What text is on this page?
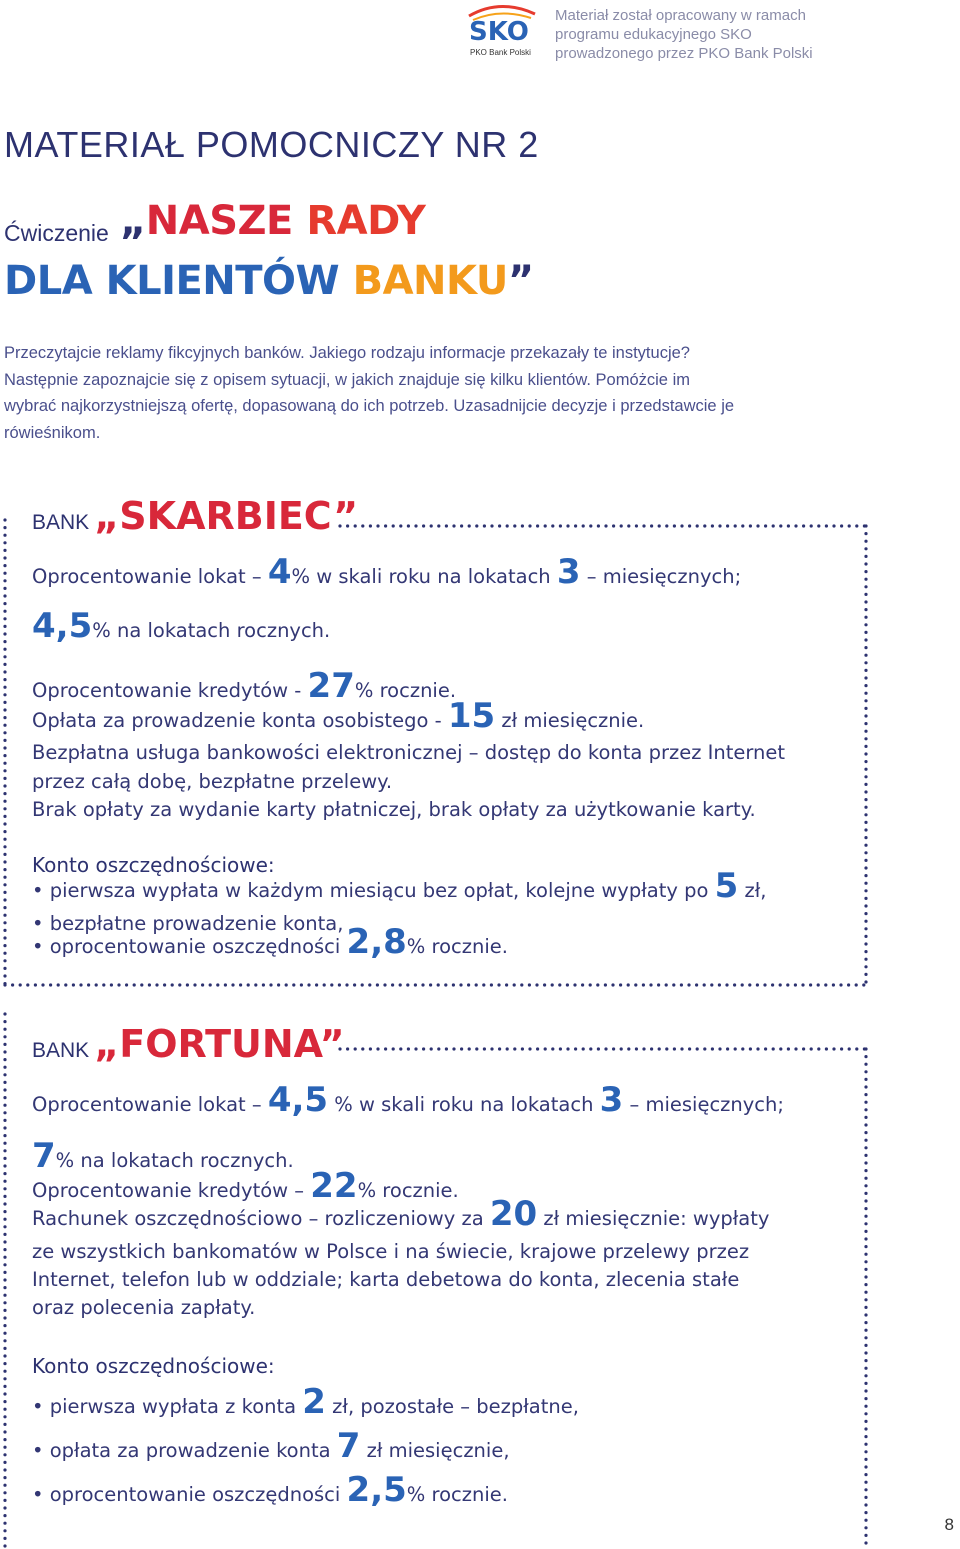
SKO
PKO Bank Polski
Materiał został opracowany w ramach
programu edukacyjnego SKO
prowadzonego przez PKO Bank Polski
MATERIAŁ POMOCNICZY NR 2
Ćwiczenie „NASZE RADY
DLA KLIENTÓW BANKU”
Przeczytajcie reklamy fikcyjnych banków. Jakiego rodzaju informacje przekazały te instytucje?
Następnie zapoznajcie się z opisem sytuacji, w jakich znajduje się kilku klientów. Pomóżcie im
wybrać najkorzystniejszą ofertę, dopasowaną do ich potrzeb. Uzasadnijcie decyzje i przedstawcie je
rówieśnikom.
BANK „SKARBIEC”
Oprocentowanie lokat – 4% w skali roku na lokatach 3 – miesięcznych;
4,5% na lokatach rocznych.
Oprocentowanie kredytów - 27% rocznie.
Opłata za prowadzenie konta osobistego - 15 zł miesięcznie.
Bezpłatna usługa bankowości elektronicznej – dostęp do konta przez Internet
przez całą dobę, bezpłatne przelewy.
Brak opłaty za wydanie karty płatniczej, brak opłaty za użytkowanie karty.
Konto oszczędnościowe:
• pierwsza wypłata w każdym miesiącu bez opłat, kolejne wypłaty po 5 zł,
• bezpłatne prowadzenie konta,
• oprocentowanie oszczędności 2,8% rocznie.
BANK „FORTUNA”
Oprocentowanie lokat – 4,5 % w skali roku na lokatach 3 – miesięcznych;
7% na lokatach rocznych.
Oprocentowanie kredytów – 22% rocznie.
Rachunek oszczędnościowo – rozliczeniowy za 20 zł miesięcznie: wypłaty
ze wszystkich bankomatów w Polsce i na świecie, krajowe przelewy przez
Internet, telefon lub w oddziale; karta debetowa do konta, zlecenia stałe
oraz polecenia zapłaty.
Konto oszczędnościowe:
• pierwsza wypłata z konta 2 zł, pozostałe – bezpłatne,
• opłata za prowadzenie konta 7 zł miesięcznie,
• oprocentowanie oszczędności 2,5% rocznie.
8
